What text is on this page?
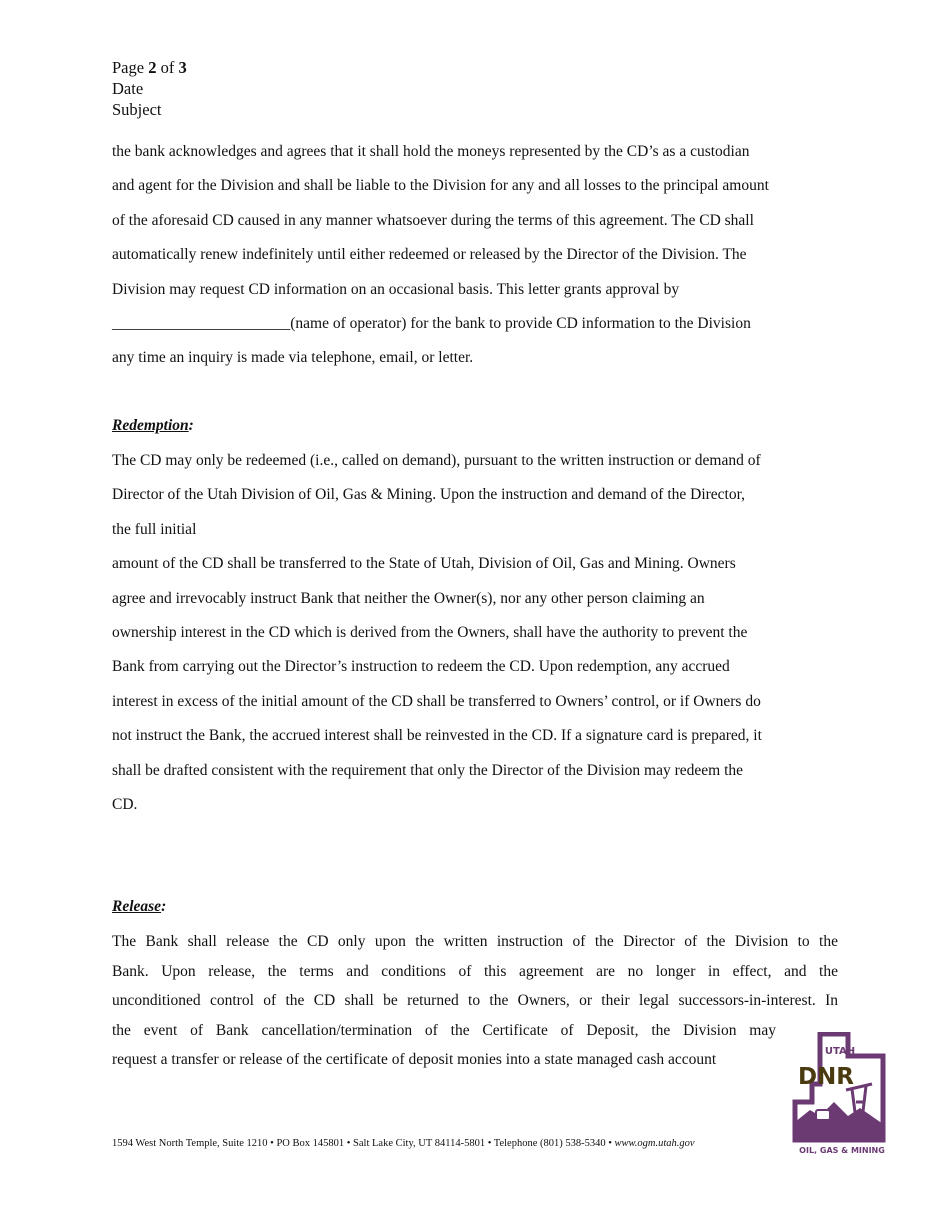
Page 2 of 3
Date
Subject
the bank acknowledges and agrees that it shall hold the moneys represented by the CD’s as a custodian
and agent for the Division and shall be liable to the Division for any and all losses to the principal amount
of the aforesaid CD caused in any manner whatsoever during the terms of this agreement. The CD shall
automatically renew indefinitely until either redeemed or released by the Director of the Division. The
Division may request CD information on an occasional basis. This letter grants approval by
_______________________(name of operator) for the bank to provide CD information to the Division
any time an inquiry is made via telephone, email, or letter.
Redemption:
The CD may only be redeemed (i.e., called on demand), pursuant to the written instruction or demand of
Director of the Utah Division of Oil, Gas & Mining. Upon the instruction and demand of the Director,
the full initial
amount of the CD shall be transferred to the State of Utah, Division of Oil, Gas and Mining. Owners
agree and irrevocably instruct Bank that neither the Owner(s), nor any other person claiming an
ownership interest in the CD which is derived from the Owners, shall have the authority to prevent the
Bank from carrying out the Director’s instruction to redeem the CD. Upon redemption, any accrued
interest in excess of the initial amount of the CD shall be transferred to Owners’ control, or if Owners do
not instruct the Bank, the accrued interest shall be reinvested in the CD. If a signature card is prepared, it
shall be drafted consistent with the requirement that only the Director of the Division may redeem the
CD.
Release:
The Bank shall release the CD only upon the written instruction of the Director of the Division to the
Bank. Upon release, the terms and conditions of this agreement are no longer in effect, and the
unconditioned control of the CD shall be returned to the Owners, or their legal successors-in-interest. In
the event of Bank cancellation/termination of the Certificate of Deposit, the Division may
request a transfer or release of the certificate of deposit monies into a state managed cash account
1594 West North Temple, Suite 1210 • PO Box 145801 • Salt Lake City, UT 84114-5801 • Telephone (801) 538-5340 • www.ogm.utah.gov
UTAH
DNR
OIL, GAS & MINING
